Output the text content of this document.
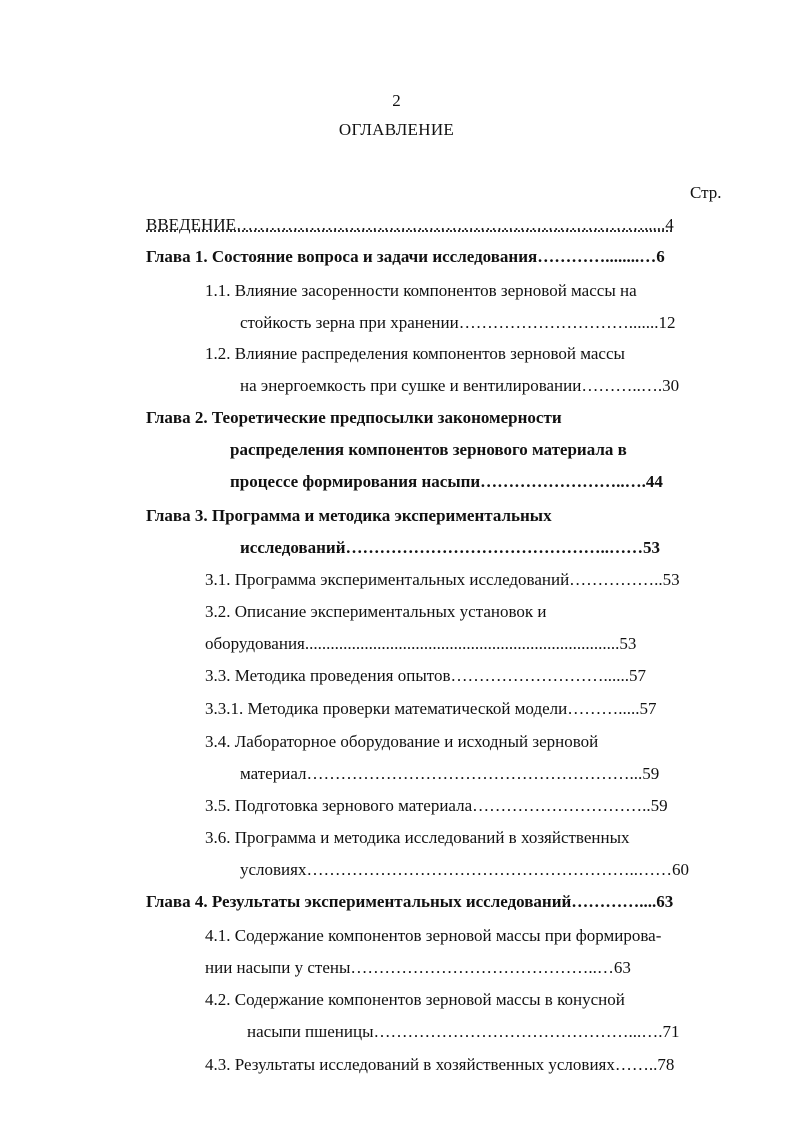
2
ОГЛАВЛЕНИЕ
Стр.
ВВЕДЕНИЕ……………………………………………………………….....4
Глава 1. Состояние вопроса и задачи исследования…………........…6
1.1. Влияние засоренности компонентов зерновой массы на
стойкость зерна при хранении………………………….......12
1.2. Влияние распределения компонентов зерновой массы
на энергоемкость при сушке и вентилировании………..….30
Глава 2. Теоретические предпосылки закономерности
распределения компонентов зернового материала в
процессе формирования насыпи……………………..….44
Глава 3. Программа и методика экспериментальных
исследований………………………………………..……53
3.1. Программа экспериментальных исследований……………..53
3.2. Описание экспериментальных установок и
оборудования..........................................................................53
3.3. Методика проведения опытов………………………......57
3.3.1. Методика проверки математической модели……….....57
3.4. Лабораторное оборудование и исходный зерновой
материал…………………………………………………...59
3.5. Подготовка зернового материала…………………………..59
3.6. Программа и методика исследований в хозяйственных
условиях…………………………………………………..……60
Глава 4. Результаты экспериментальных исследований…………....63
4.1. Содержание компонентов зерновой массы при формирова-
нии насыпи у стены……………………………………..…63
4.2. Содержание компонентов зерновой массы в конусной
насыпи пшеницы………………………………………...….71
4.3. Результаты исследований в хозяйственных условиях……..78
